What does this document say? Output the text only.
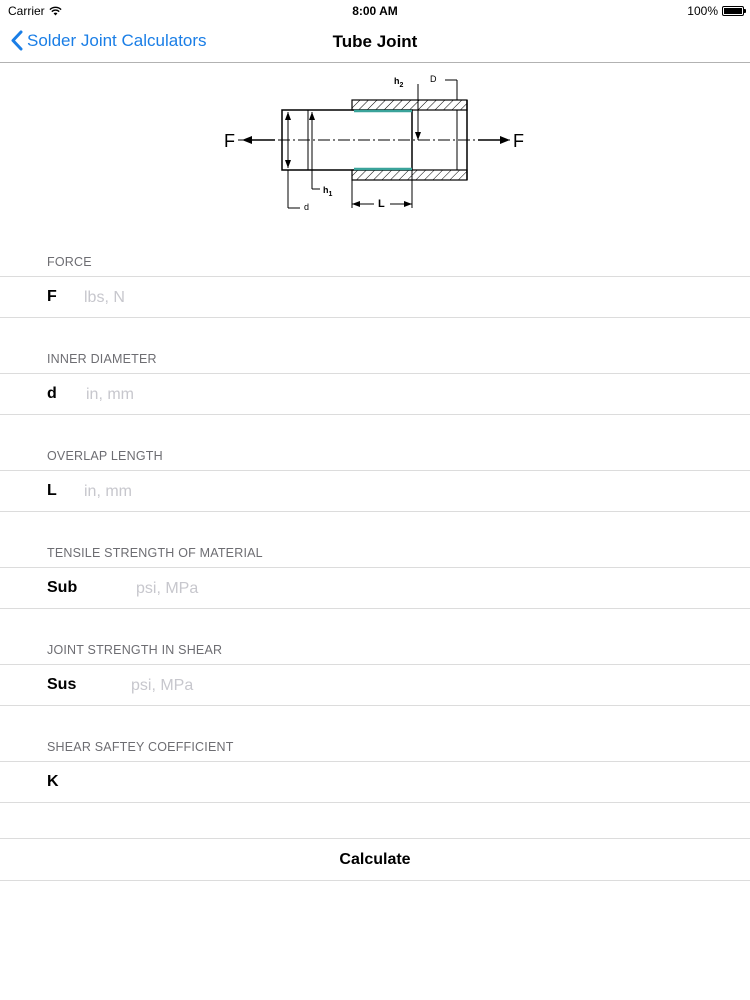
Carrier	8:00 AM	100%
Solder Joint Calculators	Tube Joint
D
$h_2$
d
$h_1$
L
F	F
FORCE
F
lbs, N
INNER DIAMETER
d
in, mm
OVERLAP LENGTH
L
in, mm
TENSILE STRENGTH OF MATERIAL
Sub
psi, MPa
JOINT STRENGTH IN SHEAR
Sus
psi, MPa
SHEAR SAFTEY COEFFICIENT
K
Calculate
